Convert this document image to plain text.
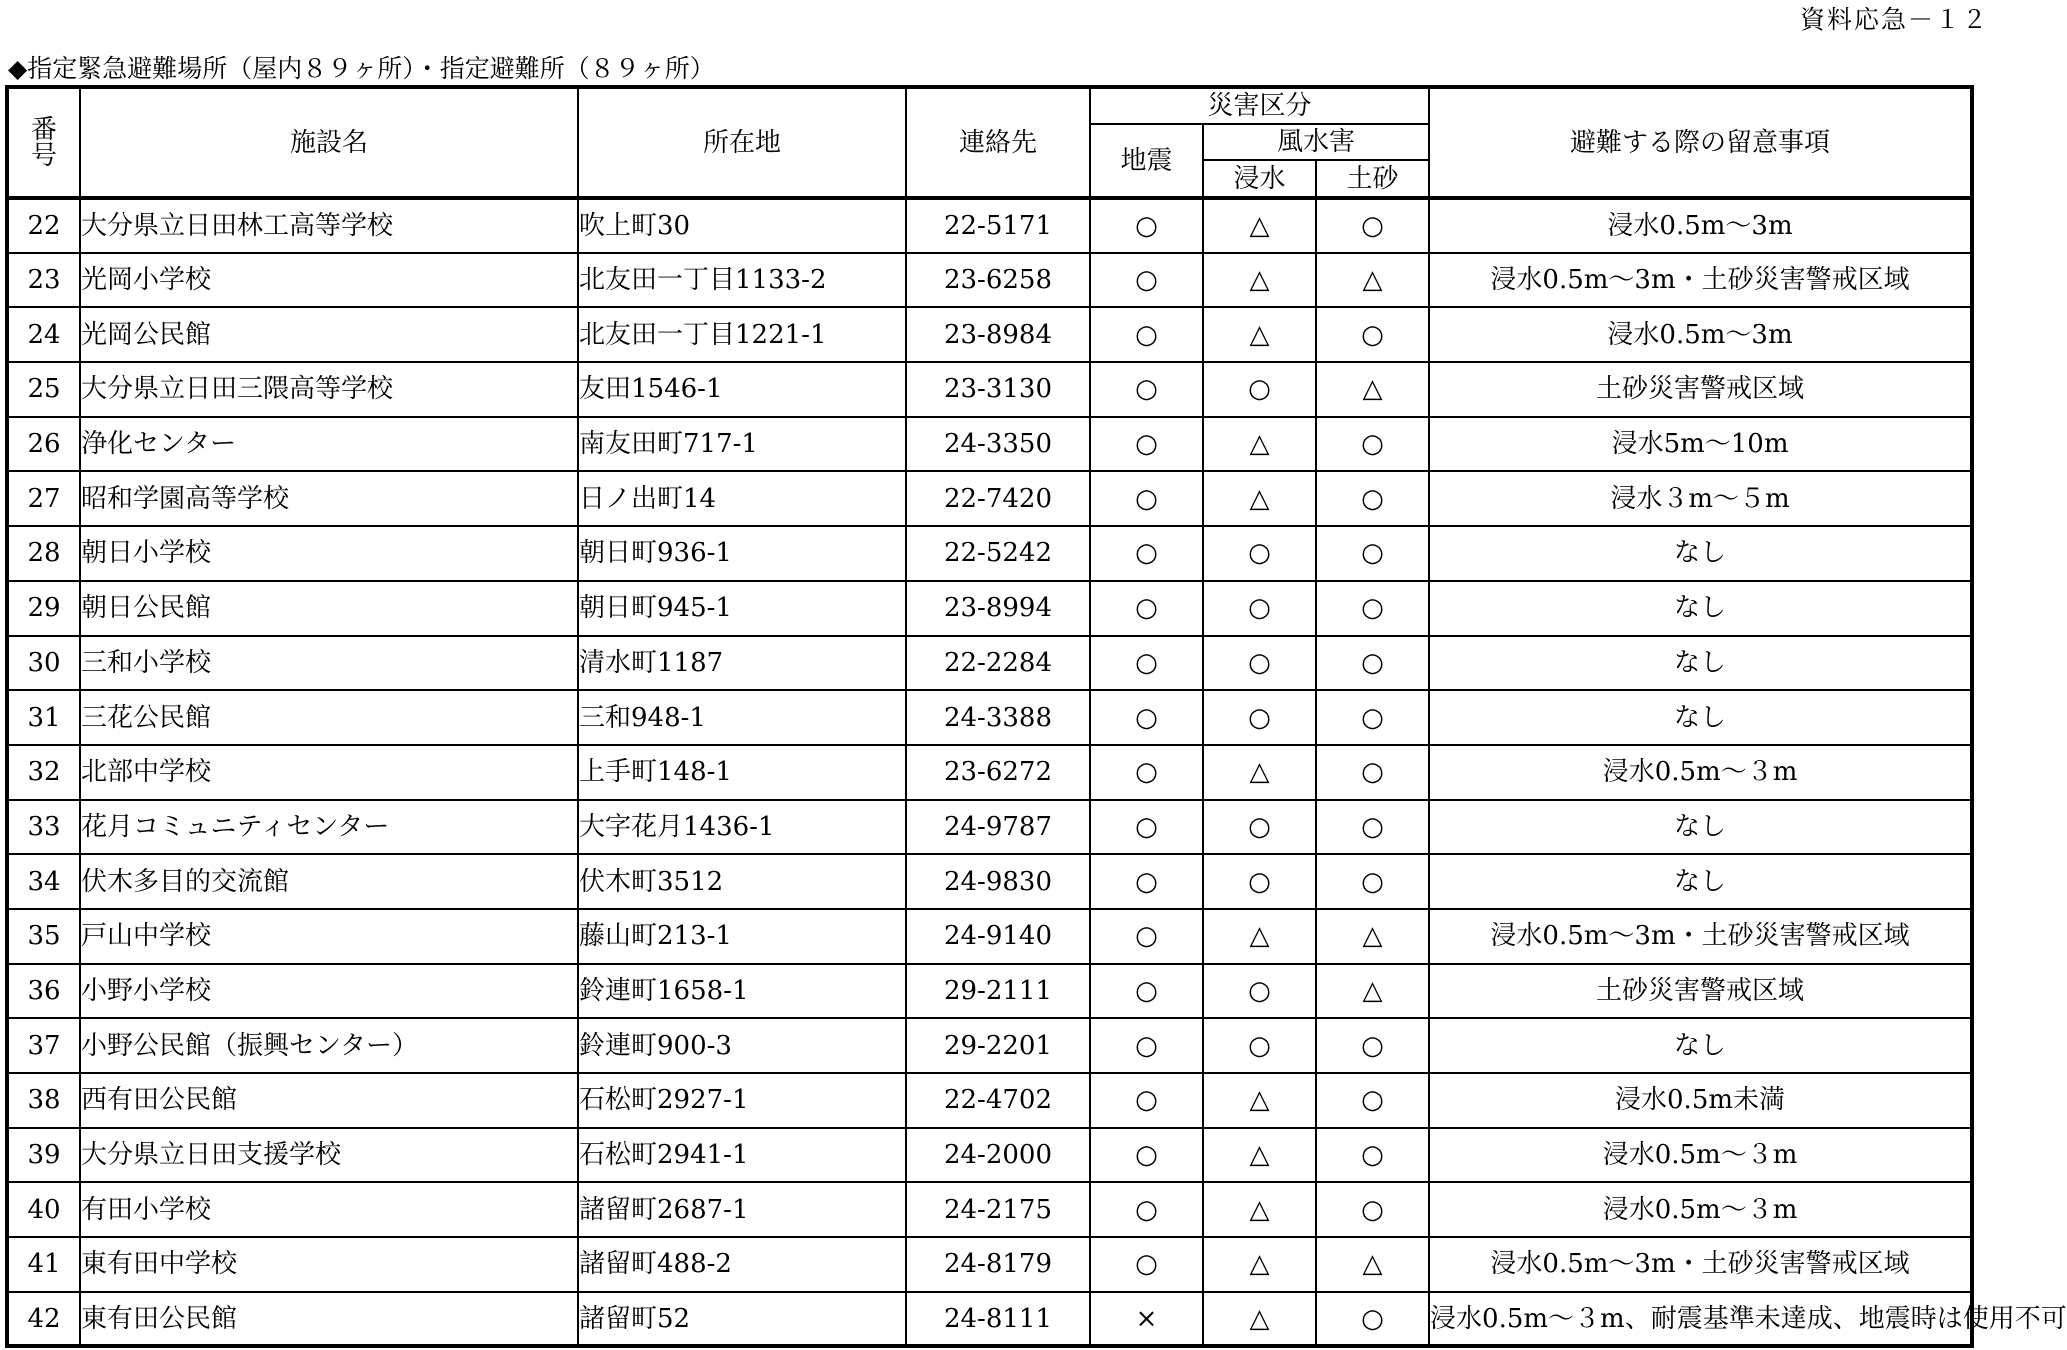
資料応急－１２
◆指定緊急避難場所（屋内８９ヶ所）・指定避難所（８９ヶ所）
番
号	施設名	所在地	連絡先	災害区分			避難する際の留意事項
				地震	風水害		
					浸水	土砂	
22	大分県立日田林工高等学校	吹上町30	22-5171	○	△	○	浸水0.5m～3m
23	光岡小学校	北友田一丁目1133-2	23-6258	○	△	△	浸水0.5m～3m・土砂災害警戒区域
24	光岡公民館	北友田一丁目1221-1	23-8984	○	△	○	浸水0.5m～3m
25	大分県立日田三隈高等学校	友田1546-1	23-3130	○	○	△	土砂災害警戒区域
26	浄化センター	南友田町717-1	24-3350	○	△	○	浸水5m～10m
27	昭和学園高等学校	日ノ出町14	22-7420	○	△	○	浸水３m～５m
28	朝日小学校	朝日町936-1	22-5242	○	○	○	なし
29	朝日公民館	朝日町945-1	23-8994	○	○	○	なし
30	三和小学校	清水町1187	22-2284	○	○	○	なし
31	三花公民館	三和948-1	24-3388	○	○	○	なし
32	北部中学校	上手町148-1	23-6272	○	△	○	浸水0.5m～３m
33	花月コミュニティセンター	大字花月1436-1	24-9787	○	○	○	なし
34	伏木多目的交流館	伏木町3512	24-9830	○	○	○	なし
35	戸山中学校	藤山町213-1	24-9140	○	△	△	浸水0.5m～3m・土砂災害警戒区域
36	小野小学校	鈴連町1658-1	29-2111	○	○	△	土砂災害警戒区域
37	小野公民館（振興センター）	鈴連町900-3	29-2201	○	○	○	なし
38	西有田公民館	石松町2927-1	22-4702	○	△	○	浸水0.5m未満
39	大分県立日田支援学校	石松町2941-1	24-2000	○	△	○	浸水0.5m～３m
40	有田小学校	諸留町2687-1	24-2175	○	△	○	浸水0.5m～３m
41	東有田中学校	諸留町488-2	24-8179	○	△	△	浸水0.5m～3m・土砂災害警戒区域
42	東有田公民館	諸留町52	24-8111	×	△	○	浸水0.5m～３m、耐震基準未達成、地震時は使用不可
